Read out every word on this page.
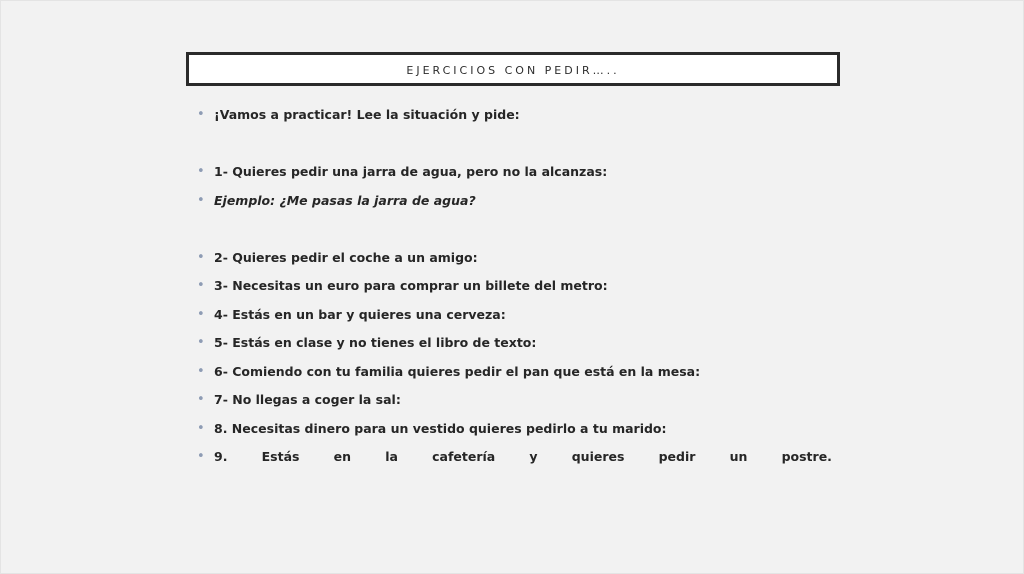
EJERCICIOS CON PEDIR…..
• ¡Vamos a practicar! Lee la situación y pide:
• 1- Quieres pedir una jarra de agua, pero no la alcanzas:
• Ejemplo: ¿Me pasas la jarra de agua?
• 2- Quieres pedir el coche a un amigo:
• 3- Necesitas un euro para comprar un billete del metro:
• 4- Estás en un bar y quieres una cerveza:
• 5- Estás en clase y no tienes el libro de texto:
• 6- Comiendo con tu familia quieres pedir el pan que está en la mesa:
• 7- No llegas a coger la sal:
• 8. Necesitas dinero para un vestido quieres pedirlo a tu marido:
• 9.	Estás	en	la	cafetería	y	quieres	pedir	un	postre.
